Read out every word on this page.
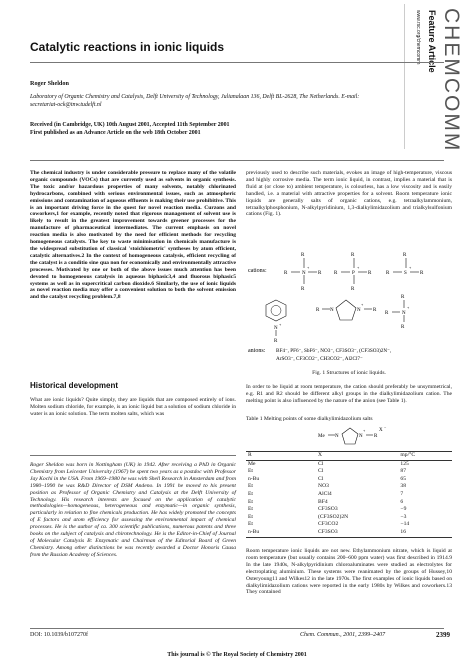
CHEMCOMM
Feature Article
www.rsc.org/chemcomm
Catalytic reactions in ionic liquids
Roger Sheldon
Laboratory of Organic Chemistry and Catalysis, Delft University of Technology, Julianalaan 136, Delft BL-2628, The Netherlands. E-mail: secretariat-ock@tnw.tudelft.nl
Received (in Cambridge, UK) 10th August 2001, Accepted 11th September 2001
First published as an Advance Article on the web 18th October 2001
The chemical industry is under considerable pressure to replace many of the volatile organic compounds (VOCs) that are currently used as solvents in organic synthesis. The toxic and/or hazardous properties of many solvents, notably chlorinated hydrocarbons, combined with serious environmental issues, such as atmospheric emissions and contamination of aqueous effluents is making their use prohibitive. This is an important driving force in the quest for novel reaction media. Curzons and coworkers,1 for example, recently noted that rigorous management of solvent use is likely to result in the greatest improvement towards greener processes for the manufacture of pharmaceutical intermediates. The current emphasis on novel reaction media is also motivated by the need for efficient methods for recycling homogeneous catalysts. The key to waste minimisation in chemicals manufacture is the widespread substitution of classical 'stoichiometric' syntheses by atom efficient, catalytic alternatives.2 In the context of homogeneous catalysis, efficient recycling of the catalyst is a conditio sine qua non for economically and environmentally attractive processes. Motivated by one or both of the above issues much attention has been devoted to homogeneous catalysis in aqueous biphasic3,4 and fluorous biphasic5 systems as well as in supercritical carbon dioxide.6 Similarly, the use of ionic liquids as novel reaction media may offer a convenient solution to both the solvent emission and the catalyst recycling problem.7,8
Historical development
What are ionic liquids? Quite simply, they are liquids that are composed entirely of ions. Molten sodium chloride, for example, is an ionic liquid but a solution of sodium chloride in water is an ionic solution. The term molten salts, which was
Roger Sheldon was born in Nottingham (UK) in 1942. After receiving a PhD in Organic Chemistry from Leicester University (1967) he spent two years as a postdoc with Professor Jay Kochi in the USA. From 1969–1980 he was with Shell Research in Amsterdam and from 1980–1990 he was R&D Director of DSM Andeno. In 1991 he moved to his present position as Professor of Organic Chemistry and Catalysis at the Delft University of Technology. His research interests are focused on the application of catalytic methodologies—homogeneous, heterogeneous and enzymatic—in organic synthesis, particularly in relation to fine chemicals production. He has widely promoted the concepts of E factors and atom efficiency for assessing the environmental impact of chemical processes. He is the author of ca. 300 scientific publications, numerous patents and three books on the subject of catalysis and chirotechnology. He is the Editor-in-Chief of Journal of Molecular Catalysis B: Enzymatic and Chairman of the Editorial Board of Green Chemistry. Among other distinctions he was recently awarded a Doctor Honoris Causa from the Russian Academy of Sciences.
previously used to describe such materials, evokes an image of high-temperature, viscous and highly corrosive media. The term ionic liquid, in contrast, implies a material that is fluid at (or close to) ambient temperature, is colourless, has a low viscosity and is easily handled, i.e. a material with attractive properties for a solvent. Room temperature ionic liquids are generally salts of organic cations, e.g. tetraalkylammonium, tetraalkylphosphonium, N-alkylpyridinium, 1,3-dialkylimidazolium and trialkylsulfonium cations (Fig. 1).
cations:	N
+
R
R
R	R	P
+
R
R
R	R	S
+
R
R	R
N
+
R
N	N
+
R	R
N
+
R
R
R
anions: BF4⁻, PF6⁻, SbF6⁻, NO3⁻, CF3SO3⁻, (CF3SO3)2N⁻,
ArSO3⁻, CF3CO2⁻, CH3CO2⁻, Al2Cl7⁻
Fig. 1 Structures of ionic liquids.
In order to be liquid at room temperature, the cation should preferably be unsymmetrical, e.g. R1 and R2 should be different alkyl groups in the dialkylimidazolium cation. The melting point is also influenced by the nature of the anion (see Table 1).
Table 1 Melting points of some dialkylimidazolium salts
N	N
+
Me	R
X
−
R	X	mp/°C
Me	Cl	125
Et	Cl	87
n-Bu	Cl	65
Et	NO3	38
Et	AlCl4	7
Et	BF4	6
Et	CF3SO3	−9
Et	(CF3SO2)2N	−3
Et	CF3CO2	−14
n-Bu	CF3SO3	16
Room temperature ionic liquids are not new. Ethylammonium nitrate, which is liquid at room temperature (but usually contains 200–600 ppm water) was first described in 1914.9 In the late 1940s, N-alkylpyridinium chloroaluminates were studied as electrolytes for electroplating aluminium. These systems were reanimated by the groups of Hussey,10 Osteryoung11 and Wilkes12 in the late 1970s. The first examples of ionic liquids based on dialkylimidazolium cations were reported in the early 1980s by Wilkes and coworkers.13 They contained
DOI: 10.1039/b107270f	Chem. Commun., 2001, 2399–2407	2399
This journal is © The Royal Society of Chemistry 2001
